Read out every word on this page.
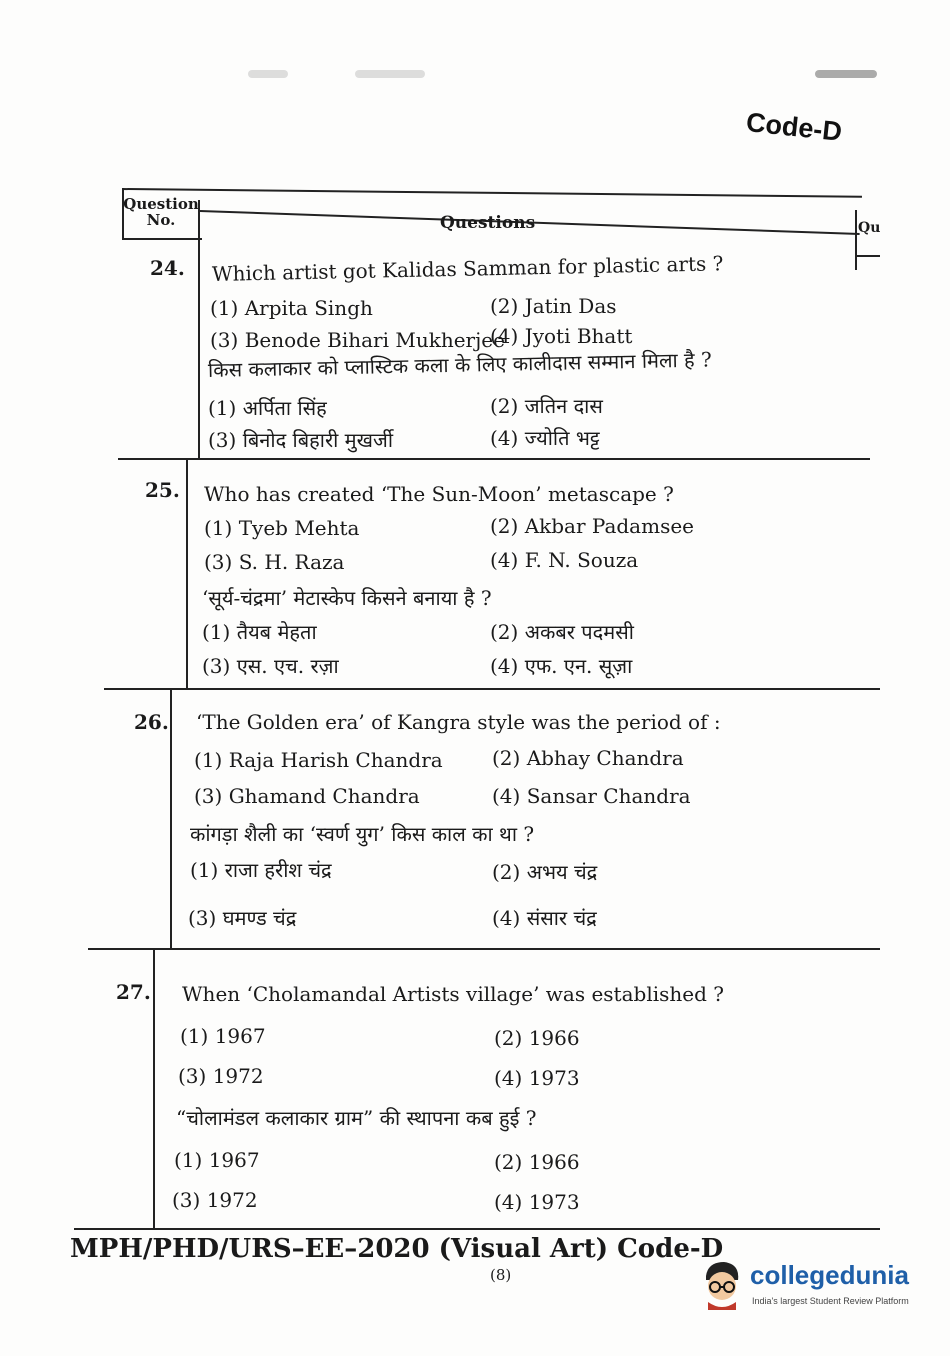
Code-D
Question
No.	Questions	Qu
24. Which artist got Kalidas Samman for plastic arts ?
(1) Arpita Singh	(2) Jatin Das
(3) Benode Bihari Mukherjee
(4) Jyoti Bhatt
किस कलाकार को प्लास्टिक कला के लिए कालीदास सम्मान मिला है ?
(1) अर्पिता सिंह	(2) जतिन दास
(3) बिनोद बिहारी मुखर्जी	(4) ज्योति भट्ट
25. Who has created ‘The Sun-Moon’ metascape ?
(1) Tyeb Mehta	(2) Akbar Padamsee
(3) S. H. Raza	(4) F. N. Souza
‘सूर्य-चंद्रमा’ मेटास्केप किसने बनाया है ?
(1) तैयब मेहता	(2) अकबर पदमसी
(3) एस. एच. रज़ा	(4) एफ. एन. सूज़ा
26. ‘The Golden era’ of Kangra style was the period of :
(1) Raja Harish Chandra (2) Abhay Chandra
(3) Ghamand Chandra	(4) Sansar Chandra
कांगड़ा शैली का ‘स्वर्ण युग’ किस काल का था ?
(1) राजा हरीश चंद्र	(2) अभय चंद्र
(3) घमण्ड चंद्र	(4) संसार चंद्र
27. When ‘Cholamandal Artists village’ was established ?
(1) 1967	(2) 1966
(3) 1972	(4) 1973
“चोलामंडल कलाकार ग्राम” की स्थापना कब हुई ?
(1) 1967	(2) 1966
(3) 1972	(4) 1973
MPH/PHD/URS–EE–2020 (Visual Art) Code-D
(8)	collegedunia
India's largest Student Review Platform
